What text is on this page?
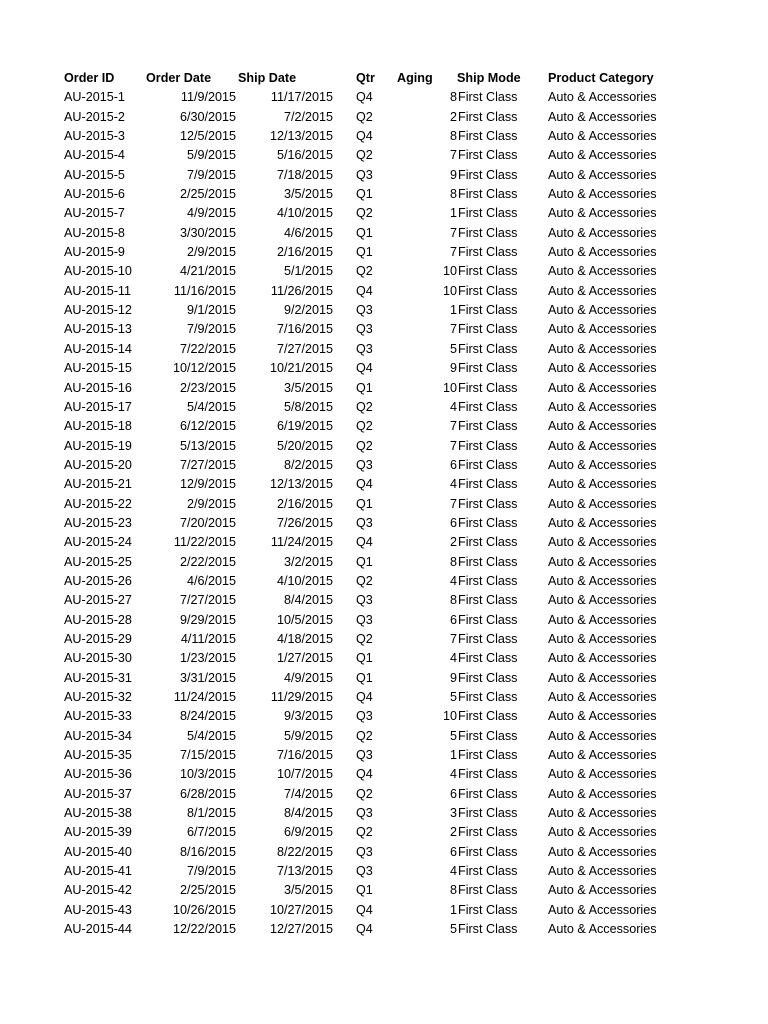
Order ID	Order Date Ship Date	Qtr Aging Ship Mode Product Category
AU-2015-1	11/9/2015	11/17/2015 Q4	8 First Class Auto & Accessories
AU-2015-2	6/30/2015	7/2/2015 Q2	2 First Class Auto & Accessories
AU-2015-3	12/5/2015	12/13/2015 Q4	8 First Class Auto & Accessories
AU-2015-4	5/9/2015	5/16/2015 Q2	7 First Class Auto & Accessories
AU-2015-5	7/9/2015	7/18/2015 Q3	9 First Class Auto & Accessories
AU-2015-6	2/25/2015	3/5/2015 Q1	8 First Class Auto & Accessories
AU-2015-7	4/9/2015	4/10/2015 Q2	1 First Class Auto & Accessories
AU-2015-8	3/30/2015	4/6/2015 Q1	7 First Class Auto & Accessories
AU-2015-9	2/9/2015	2/16/2015 Q1	7 First Class Auto & Accessories
AU-2015-10	4/21/2015	5/1/2015 Q2	10 First Class Auto & Accessories
AU-2015-11	11/16/2015	11/26/2015 Q4	10 First Class Auto & Accessories
AU-2015-12	9/1/2015	9/2/2015 Q3	1 First Class Auto & Accessories
AU-2015-13	7/9/2015	7/16/2015 Q3	7 First Class Auto & Accessories
AU-2015-14	7/22/2015	7/27/2015 Q3	5 First Class Auto & Accessories
AU-2015-15	10/12/2015	10/21/2015 Q4	9 First Class Auto & Accessories
AU-2015-16	2/23/2015	3/5/2015 Q1	10 First Class Auto & Accessories
AU-2015-17	5/4/2015	5/8/2015 Q2	4 First Class Auto & Accessories
AU-2015-18	6/12/2015	6/19/2015 Q2	7 First Class Auto & Accessories
AU-2015-19	5/13/2015	5/20/2015 Q2	7 First Class Auto & Accessories
AU-2015-20	7/27/2015	8/2/2015 Q3	6 First Class Auto & Accessories
AU-2015-21	12/9/2015	12/13/2015 Q4	4 First Class Auto & Accessories
AU-2015-22	2/9/2015	2/16/2015 Q1	7 First Class Auto & Accessories
AU-2015-23	7/20/2015	7/26/2015 Q3	6 First Class Auto & Accessories
AU-2015-24	11/22/2015	11/24/2015 Q4	2 First Class Auto & Accessories
AU-2015-25	2/22/2015	3/2/2015 Q1	8 First Class Auto & Accessories
AU-2015-26	4/6/2015	4/10/2015 Q2	4 First Class Auto & Accessories
AU-2015-27	7/27/2015	8/4/2015 Q3	8 First Class Auto & Accessories
AU-2015-28	9/29/2015	10/5/2015 Q3	6 First Class Auto & Accessories
AU-2015-29	4/11/2015	4/18/2015 Q2	7 First Class Auto & Accessories
AU-2015-30	1/23/2015	1/27/2015 Q1	4 First Class Auto & Accessories
AU-2015-31	3/31/2015	4/9/2015 Q1	9 First Class Auto & Accessories
AU-2015-32	11/24/2015	11/29/2015 Q4	5 First Class Auto & Accessories
AU-2015-33	8/24/2015	9/3/2015 Q3	10 First Class Auto & Accessories
AU-2015-34	5/4/2015	5/9/2015 Q2	5 First Class Auto & Accessories
AU-2015-35	7/15/2015	7/16/2015 Q3	1 First Class Auto & Accessories
AU-2015-36	10/3/2015	10/7/2015 Q4	4 First Class Auto & Accessories
AU-2015-37	6/28/2015	7/4/2015 Q2	6 First Class Auto & Accessories
AU-2015-38	8/1/2015	8/4/2015 Q3	3 First Class Auto & Accessories
AU-2015-39	6/7/2015	6/9/2015 Q2	2 First Class Auto & Accessories
AU-2015-40	8/16/2015	8/22/2015 Q3	6 First Class Auto & Accessories
AU-2015-41	7/9/2015	7/13/2015 Q3	4 First Class Auto & Accessories
AU-2015-42	2/25/2015	3/5/2015 Q1	8 First Class Auto & Accessories
AU-2015-43	10/26/2015	10/27/2015 Q4	1 First Class Auto & Accessories
AU-2015-44	12/22/2015	12/27/2015 Q4	5 First Class Auto & Accessories
